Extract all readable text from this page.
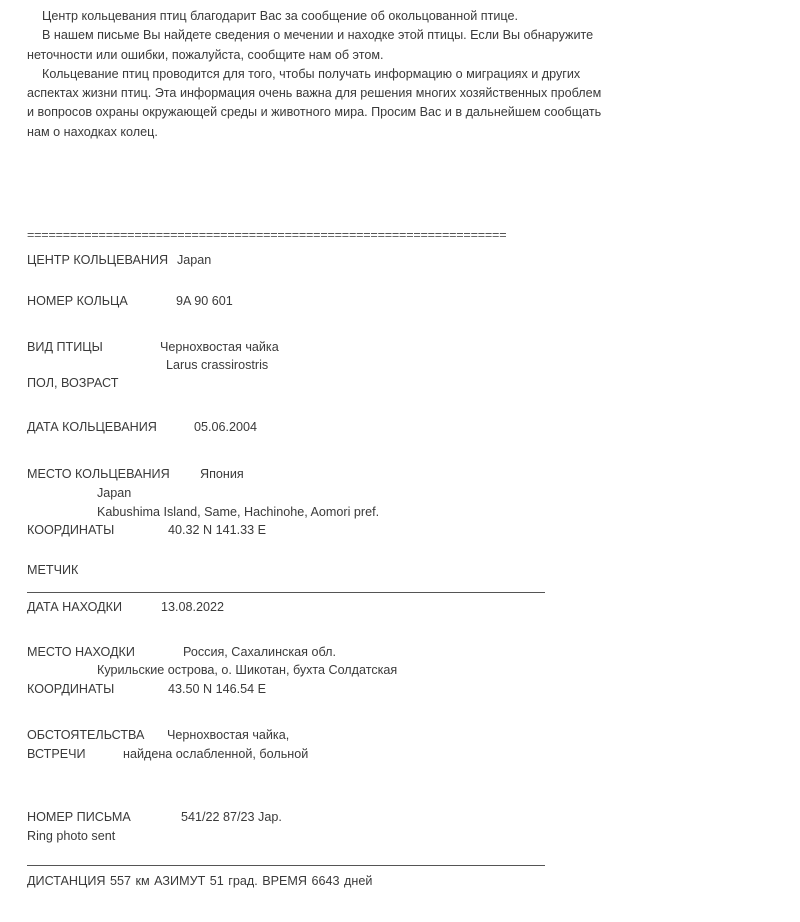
Центр кольцевания птиц благодарит Вас за сообщение об окольцованной птице.

В нашем письме Вы найдете сведения о мечении и находке этой птицы. Если Вы обнаружите неточности или ошибки, пожалуйста, сообщите нам об этом.

Кольцевание птиц проводится для того, чтобы получать информацию о миграциях и других аспектах жизни птиц. Эта информация очень важна для решения многих хозяйственных проблем и вопросов охраны окружающей среды и животного мира. Просим Вас и в дальнейшем сообщать нам о находках колец.

===================================================================
ЦЕНТР КОЛЬЦЕВАНИЯ Japan
НОМЕР КОЛЬЦА	9A 90 601
ВИД ПТИЦЫ	Чернохвостая чайка
Larus crassirostris
ПОЛ, ВОЗРАСТ
ДАТА КОЛЬЦЕВАНИЯ	05.06.2004
МЕСТО КОЛЬЦЕВАНИЯ Япония
Japan
Kabushima Island, Same, Hachinohe, Aomori pref.
КООРДИНАТЫ	40.32 N 141.33 E
МЕТЧИК
ДАТА НАХОДКИ	13.08.2022
МЕСТО НАХОДКИ	Россия, Сахалинская обл.
Курильские острова, о. Шикотан, бухта Солдатская
КООРДИНАТЫ	43.50 N 146.54 E
ОБСТОЯТЕЛЬСТВА Чернохвостая чайка,
ВСТРЕЧИ	найдена ослабленной, больной
НОМЕР ПИСЬМА	541/22 87/23 Jap.
Ring photo sent
ДИСТАНЦИЯ 557 км АЗИМУТ 51 град. ВРЕМЯ 6643 дней
